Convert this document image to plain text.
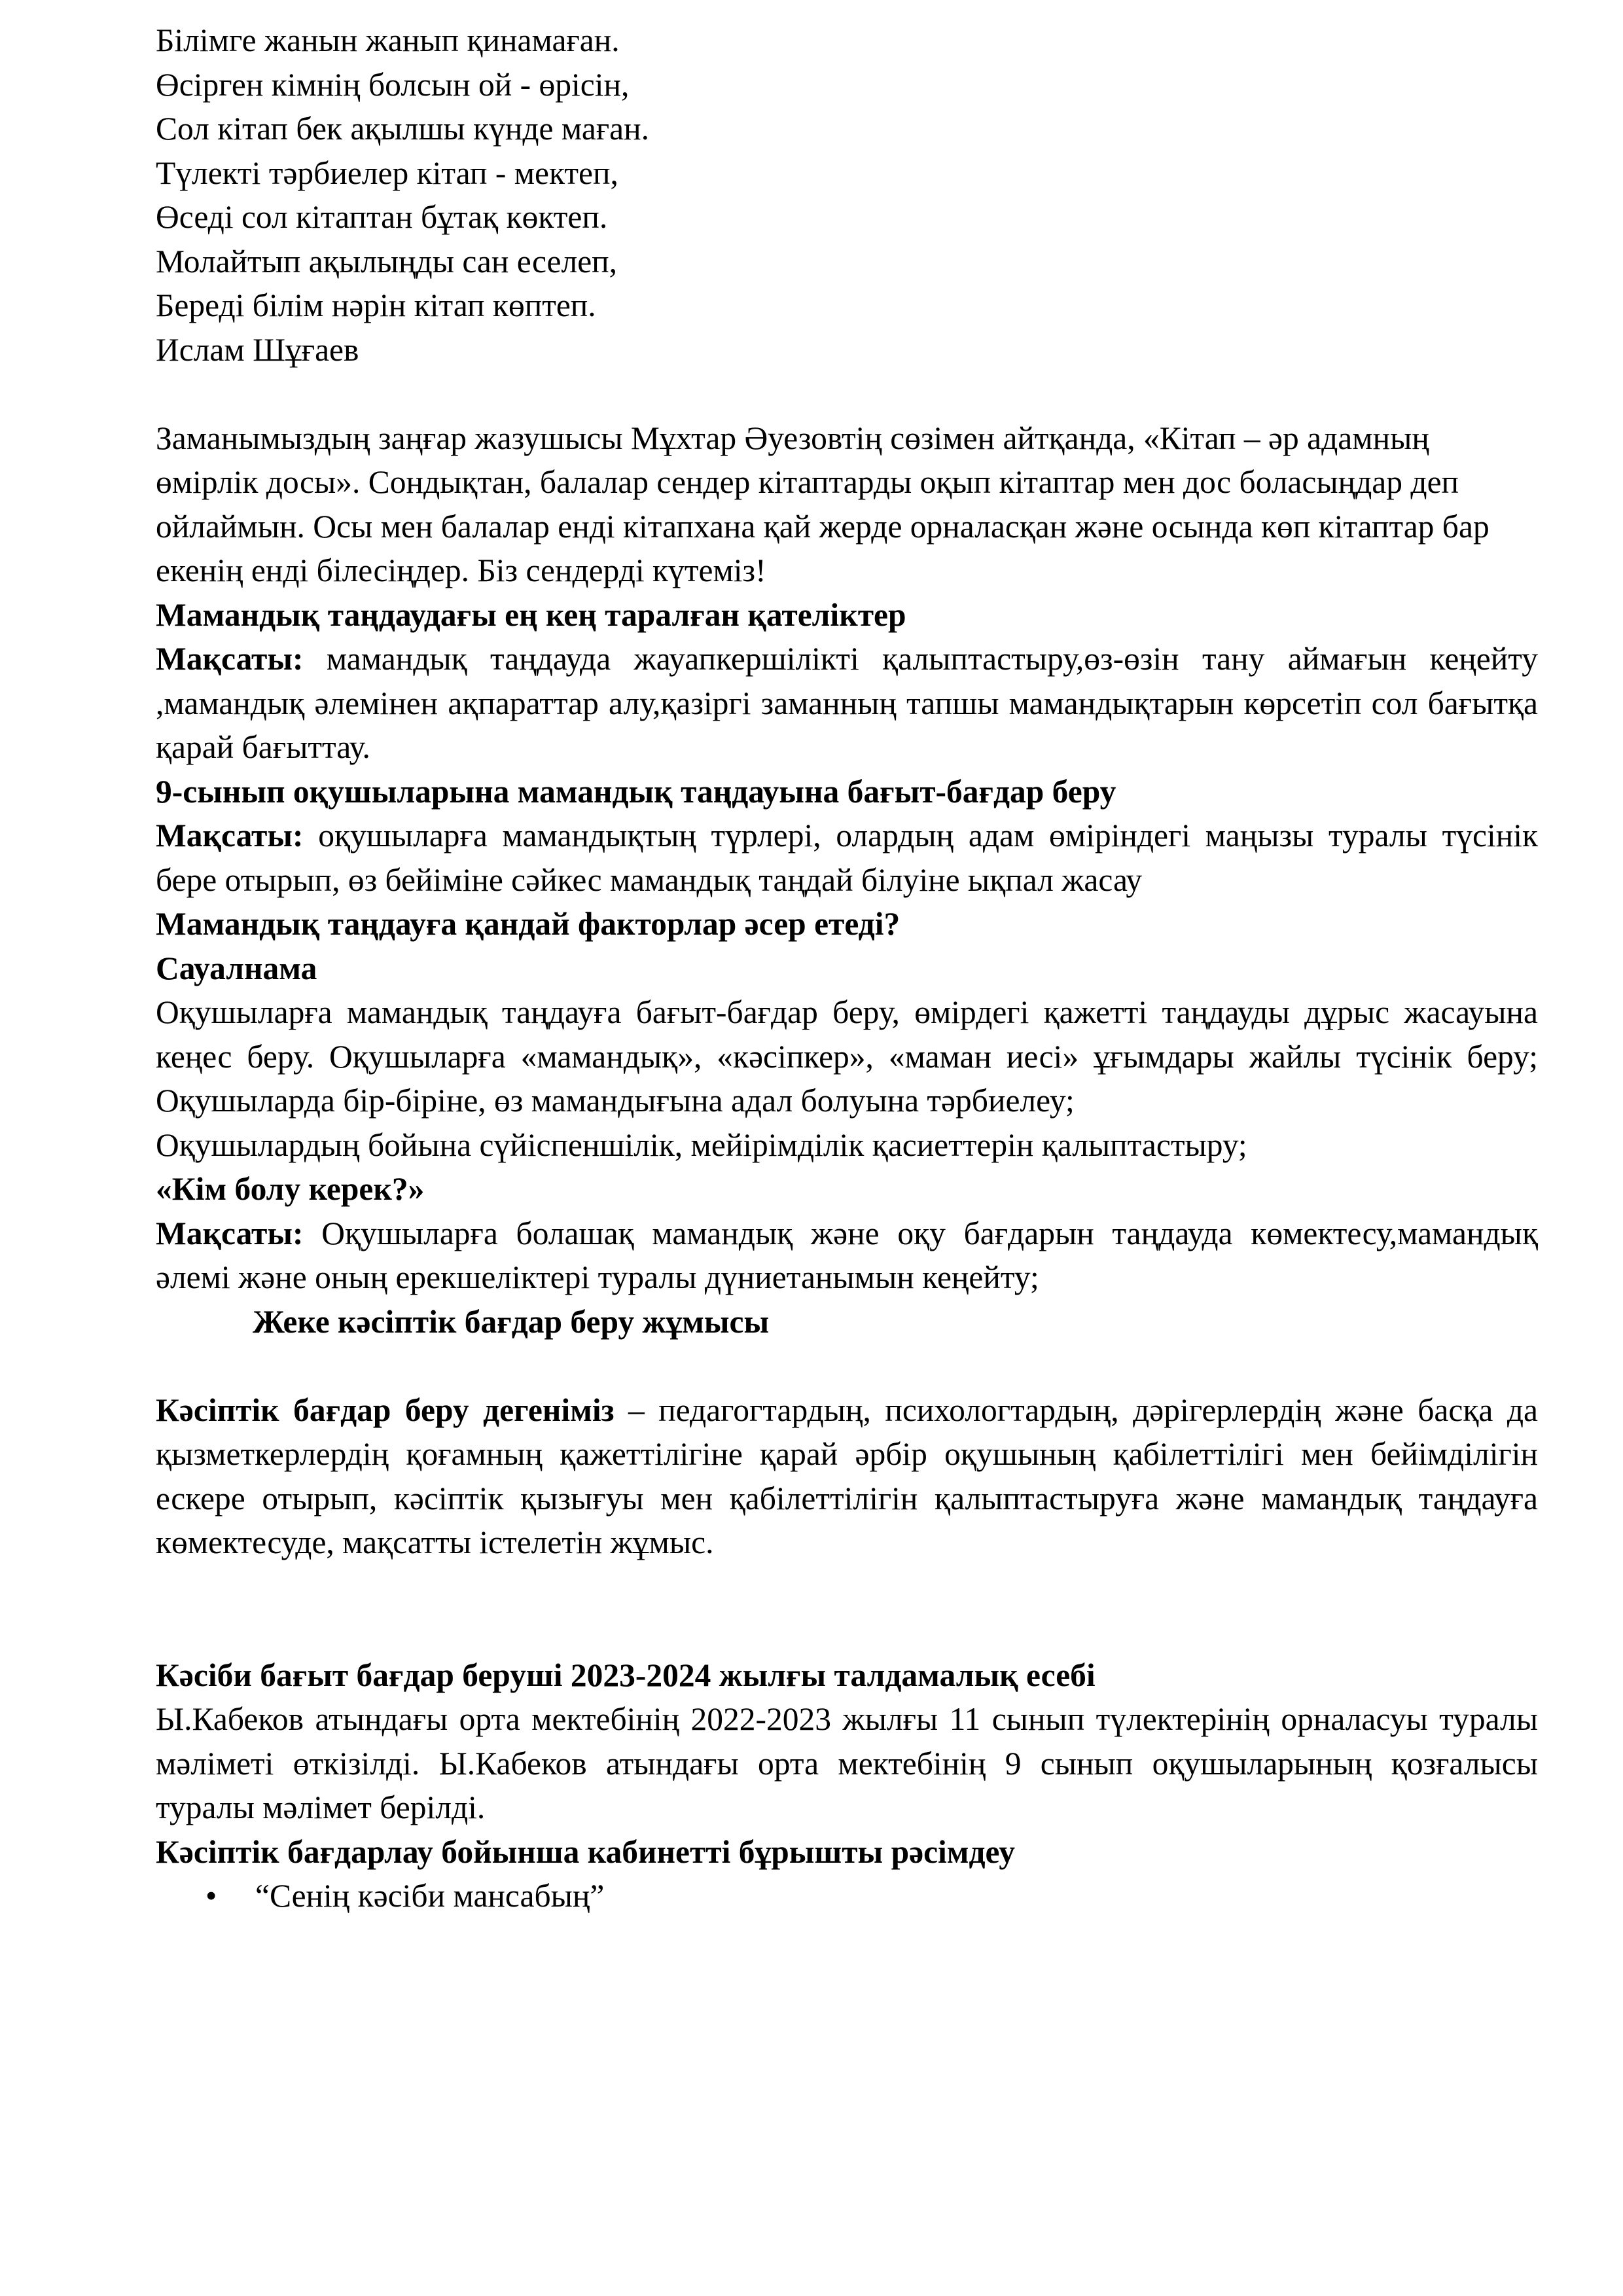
Білімге жанын жанып қинамаған.
Өсірген кімнің болсын ой - өрісін,
Сол кітап бек ақылшы күнде маған.
Түлекті тәрбиелер кітап - мектеп,
Өседі сол кітаптан бұтақ көктеп.
Молайтып ақылыңды сан еселеп,
Береді білім нәрін кітап көптеп.
Ислам Шұғаев

Заманымыздың заңғар жазушысы Мұхтар Әуезовтің сөзімен айтқанда, «Кітап – әр адамның өмірлік досы». Сондықтан, балалар сендер кітаптарды оқып кітаптар мен дос боласыңдар деп ойлаймын. Осы мен балалар енді кітапхана қай жерде орналасқан және осында көп кітаптар бар екенің енді білесіңдер. Біз сендерді күтеміз!

Мамандық таңдаудағы ең кең таралған қателіктер

Мақсаты: мамандық таңдауда жауапкершілікті қалыптастыру,өз-өзін тану аймағын кеңейту ,мамандық әлемінен ақпараттар алу,қазіргі заманның тапшы мамандықтарын көрсетіп сол бағытқа қарай бағыттау.

9-сынып оқушыларына мамандық таңдауына бағыт-бағдар беру

Мақсаты: оқушыларға мамандықтың түрлері, олардың адам өміріндегі маңызы туралы түсінік бере отырып, өз бейіміне сәйкес мамандық таңдай білуіне ықпал жасау

Мамандық таңдауға қандай факторлар әсер етеді?
Сауалнама

Оқушыларға мамандық таңдауға бағыт-бағдар беру, өмірдегі қажетті таңдауды дұрыс жасауына кеңес беру. Оқушыларға «мамандық», «кәсіпкер», «маман иесі» ұғымдары жайлы түсінік беру; Оқушыларда бір-біріне, өз мамандығына адал болуына тәрбиелеу;

Оқушылардың бойына сүйіспеншілік, мейірімділік қасиеттерін қалыптастыру;

«Кім болу керек?»

Мақсаты: Оқушыларға болашақ мамандық және оқу бағдарын таңдауда көмектесу,мамандық әлемі және оның ерекшеліктері туралы дүниетанымын кеңейту;

Жеке кәсіптік бағдар беру жұмысы

Кәсіптік бағдар беру дегеніміз – педагогтардың, психологтардың, дәрігерлердің және басқа да қызметкерлердің қоғамның қажеттілігіне қарай әрбір оқушының қабілеттілігі мен бейімділігін ескере отырып, кәсіптік қызығуы мен қабілеттілігін қалыптастыруға және мамандық таңдауға көмектесуде, мақсатты істелетін жұмыс.

Кәсіби бағыт бағдар беруші 2023-2024 жылғы талдамалық есебі

Ы.Кабеков атындағы орта мектебінің 2022-2023 жылғы 11 сынып түлектерінің орналасуы туралы мәліметі өткізілді. Ы.Кабеков атындағы орта мектебінің 9 сынып оқушыларының қозғалысы туралы мәлімет берілді.

Кәсіптік бағдарлау бойынша кабинетті бұрышты рәсімдеу
• “Сенің кәсіби мансабың”
